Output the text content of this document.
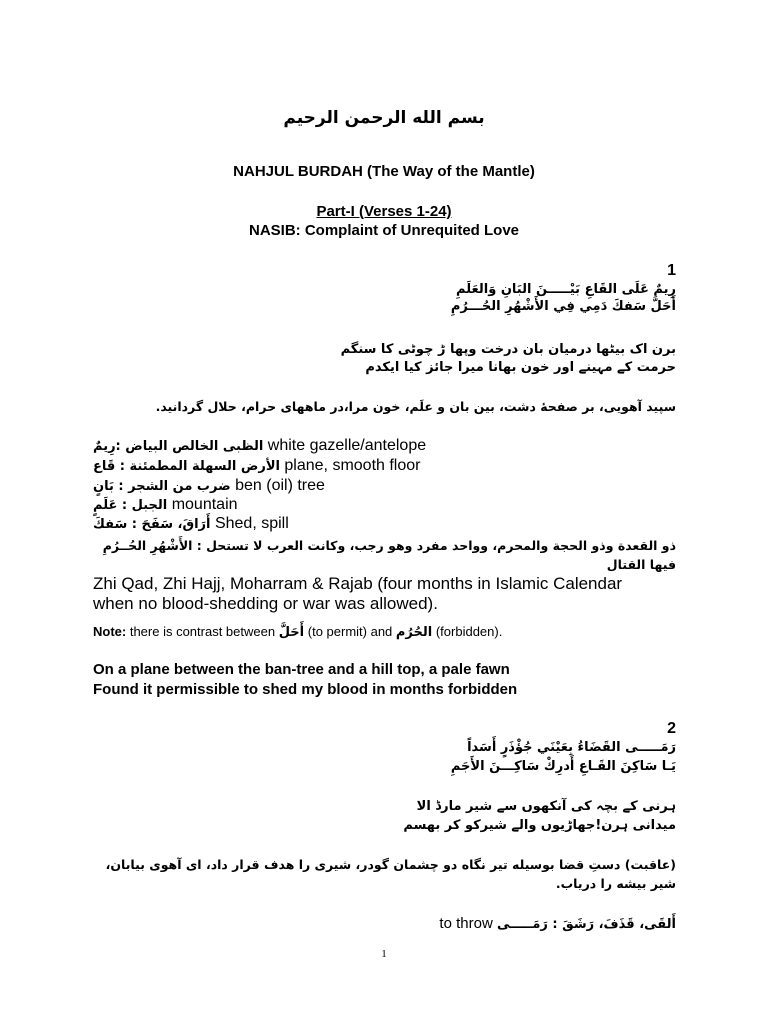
بسم الله الرحمن الرحيم
NAHJUL BURDAH (The Way of the Mantle)
Part-I (Verses 1-24)
NASIB: Complaint of Unrequited Love
1
رِيمٌ عَلَى القَاعِ بَيْـــــنَ البَانِ وَالعَلَمِ
أَحَلَّ سَفكَ دَمِي فِي الأَشْهُرِ الحُـــرُمِ
برن اک بیٹھا درمیان بان درخت وپھا ڑ چوٹی کا سنگم
حرمت کے مہینے اور خون بھانا میرا جائز کیا ایکدم
سپید آهویی، بر صفحهٔ دشت، بین بان و علَم، خون مرا،در ماههای حرام، حلال گردانید.
الظبی الخالص البیاض :رِيمٌ white gazelle/antelope
الأرض السهلة المطمئنة : قَاع plane, smooth floor
ضرب من الشجر : بَانٍ ben (oil) tree
الجبل : عَلَمٍ mountain
أَرَاقَ، سَفَحَ : سَفكَ Shed, spill
ذو القعدة وذو الحجة والمحرم، وواحد مفرد وهو رجب، وكانت العرب لا تستحل : الأَشْهُرِ الحُــرُمِ فيها القتال
Zhi Qad, Zhi Hajj, Moharram & Rajab (four months in Islamic Calendar
when no blood-shedding or war was allowed).
Note: there is contrast between أَحَلَّ (to permit) and الحُرُم (forbidden).
On a plane between the ban-tree and a hill top, a pale fawn
Found it permissible to shed my blood in months forbidden
2
رَمَـــــى القَضَاءُ بِعَيْنَي جُؤْذَرٍ أَسَداً
يَـا سَاكِنَ القَـاعِ أَدرِكْ سَاكِـــنَ الأَجَمِ
ہرنی کے بچہ کی آنکھوں سے شیر مارڈ الا
میدانی ہرن!جھاڑیوں والے شیرکو کر بھسم
(عاقبت) دستِ قضا بوسیله تیر نگاه دو چشمان گودر، شیری را هدف قرار داد، ای آهوی بیابان،
شیر بیشه را دریاب.
أَلقَى، قَذَفَ، رَشَقَ : رَمَـــــى to throw
1
